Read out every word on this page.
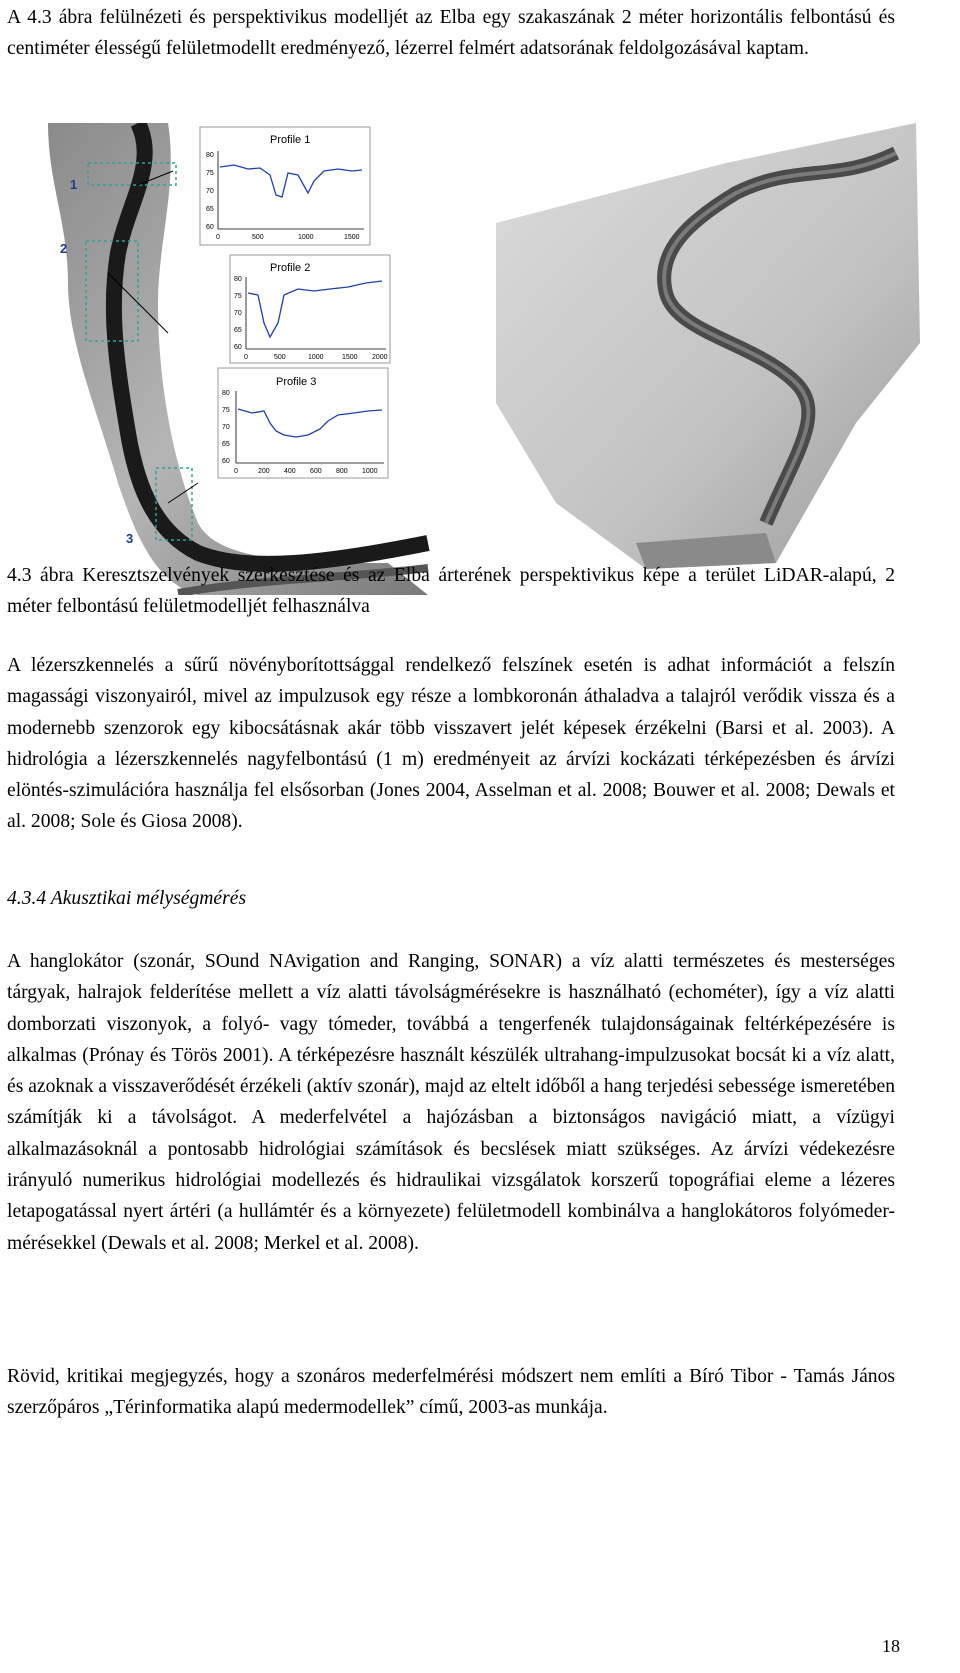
A 4.3 ábra felülnézeti és perspektivikus modelljét az Elba egy szakaszának 2 méter horizontális felbontású és centiméter élességű felületmodellt eredményező, lézerrel felmért adatsorának feldolgozásával kaptam.

1
2
3
Profile 1
80
75
70
65
60
0	500	1000	1500
Profile 2
80
75
70
65
60
0	500	1000	1500 2000
Profile 3
80
75
70
65
60
0	200 400 600 800 1000

4.3 ábra Keresztszelvények szerkesztése és az Elba árterének perspektivikus képe a terület LiDAR-alapú, 2 méter felbontású felületmodelljét felhasználva

A lézerszkennelés a sűrű növényborítottsággal rendelkező felszínek esetén is adhat információt a felszín magassági viszonyairól, mivel az impulzusok egy része a lombkoronán áthaladva a talajról verődik vissza és a modernebb szenzorok egy kibocsátásnak akár több visszavert jelét képesek érzékelni (Barsi et al. 2003). A hidrológia a lézerszkennelés nagyfelbontású (1 m) eredményeit az árvízi kockázati térképezésben és árvízi elöntés-szimulációra használja fel elsősorban (Jones 2004, Asselman et al. 2008; Bouwer et al. 2008; Dewals et al. 2008; Sole és Giosa 2008).

4.3.4 Akusztikai mélységmérés

A hanglokátor (szonár, SOund NAvigation and Ranging, SONAR) a víz alatti természetes és mesterséges tárgyak, halrajok felderítése mellett a víz alatti távolságmérésekre is használható (echométer), így a víz alatti domborzati viszonyok, a folyó- vagy tómeder, továbbá a tengerfenék tulajdonságainak feltérképezésére is alkalmas (Prónay és Törös 2001). A térképezésre használt készülék ultrahang-impulzusokat bocsát ki a víz alatt, és azoknak a visszaverődését érzékeli (aktív szonár), majd az eltelt időből a hang terjedési sebessége ismeretében számítják ki a távolságot. A mederfelvétel a hajózásban a biztonságos navigáció miatt, a vízügyi alkalmazásoknál a pontosabb hidrológiai számítások és becslések miatt szükséges. Az árvízi védekezésre irányuló numerikus hidrológiai modellezés és hidraulikai vizsgálatok korszerű topográfiai eleme a lézeres letapogatással nyert ártéri (a hullámtér és a környezete) felületmodell kombinálva a hanglokátoros folyómeder-mérésekkel (Dewals et al. 2008; Merkel et al. 2008).

Rövid, kritikai megjegyzés, hogy a szonáros mederfelmérési módszert nem említi a Bíró Tibor - Tamás János szerzőpáros „Térinformatika alapú medermodellek” című, 2003-as munkája.

18
